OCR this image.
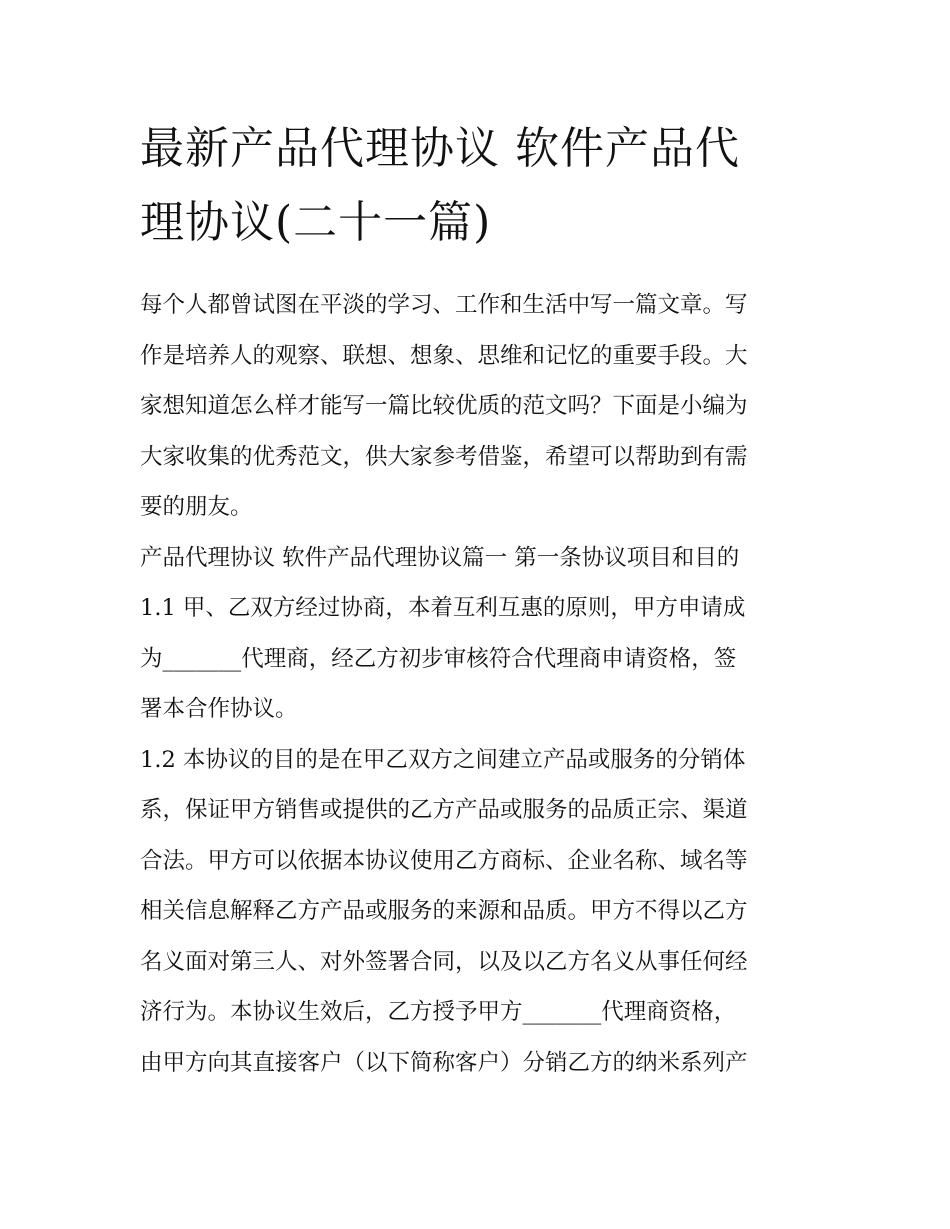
最新产品代理协议 软件产品代
理协议(二十一篇)
每个人都曾试图在平淡的学习、工作和生活中写一篇文章。写
作是培养人的观察、联想、想象、思维和记忆的重要手段。大
家想知道怎么样才能写一篇比较优质的范文吗？下面是小编为
大家收集的优秀范文，供大家参考借鉴，希望可以帮助到有需
要的朋友。
产品代理协议 软件产品代理协议篇一 第一条协议项目和目的
1.1 甲、乙双方经过协商，本着互利互惠的原则，甲方申请成
为_______代理商，经乙方初步审核符合代理商申请资格，签
署本合作协议。
1.2 本协议的目的是在甲乙双方之间建立产品或服务的分销体
系，保证甲方销售或提供的乙方产品或服务的品质正宗、渠道
合法。甲方可以依据本协议使用乙方商标、企业名称、域名等
相关信息解释乙方产品或服务的来源和品质。甲方不得以乙方
名义面对第三人、对外签署合同，以及以乙方名义从事任何经
济行为。本协议生效后，乙方授予甲方_______代理商资格，
由甲方向其直接客户（以下简称客户）分销乙方的纳米系列产
